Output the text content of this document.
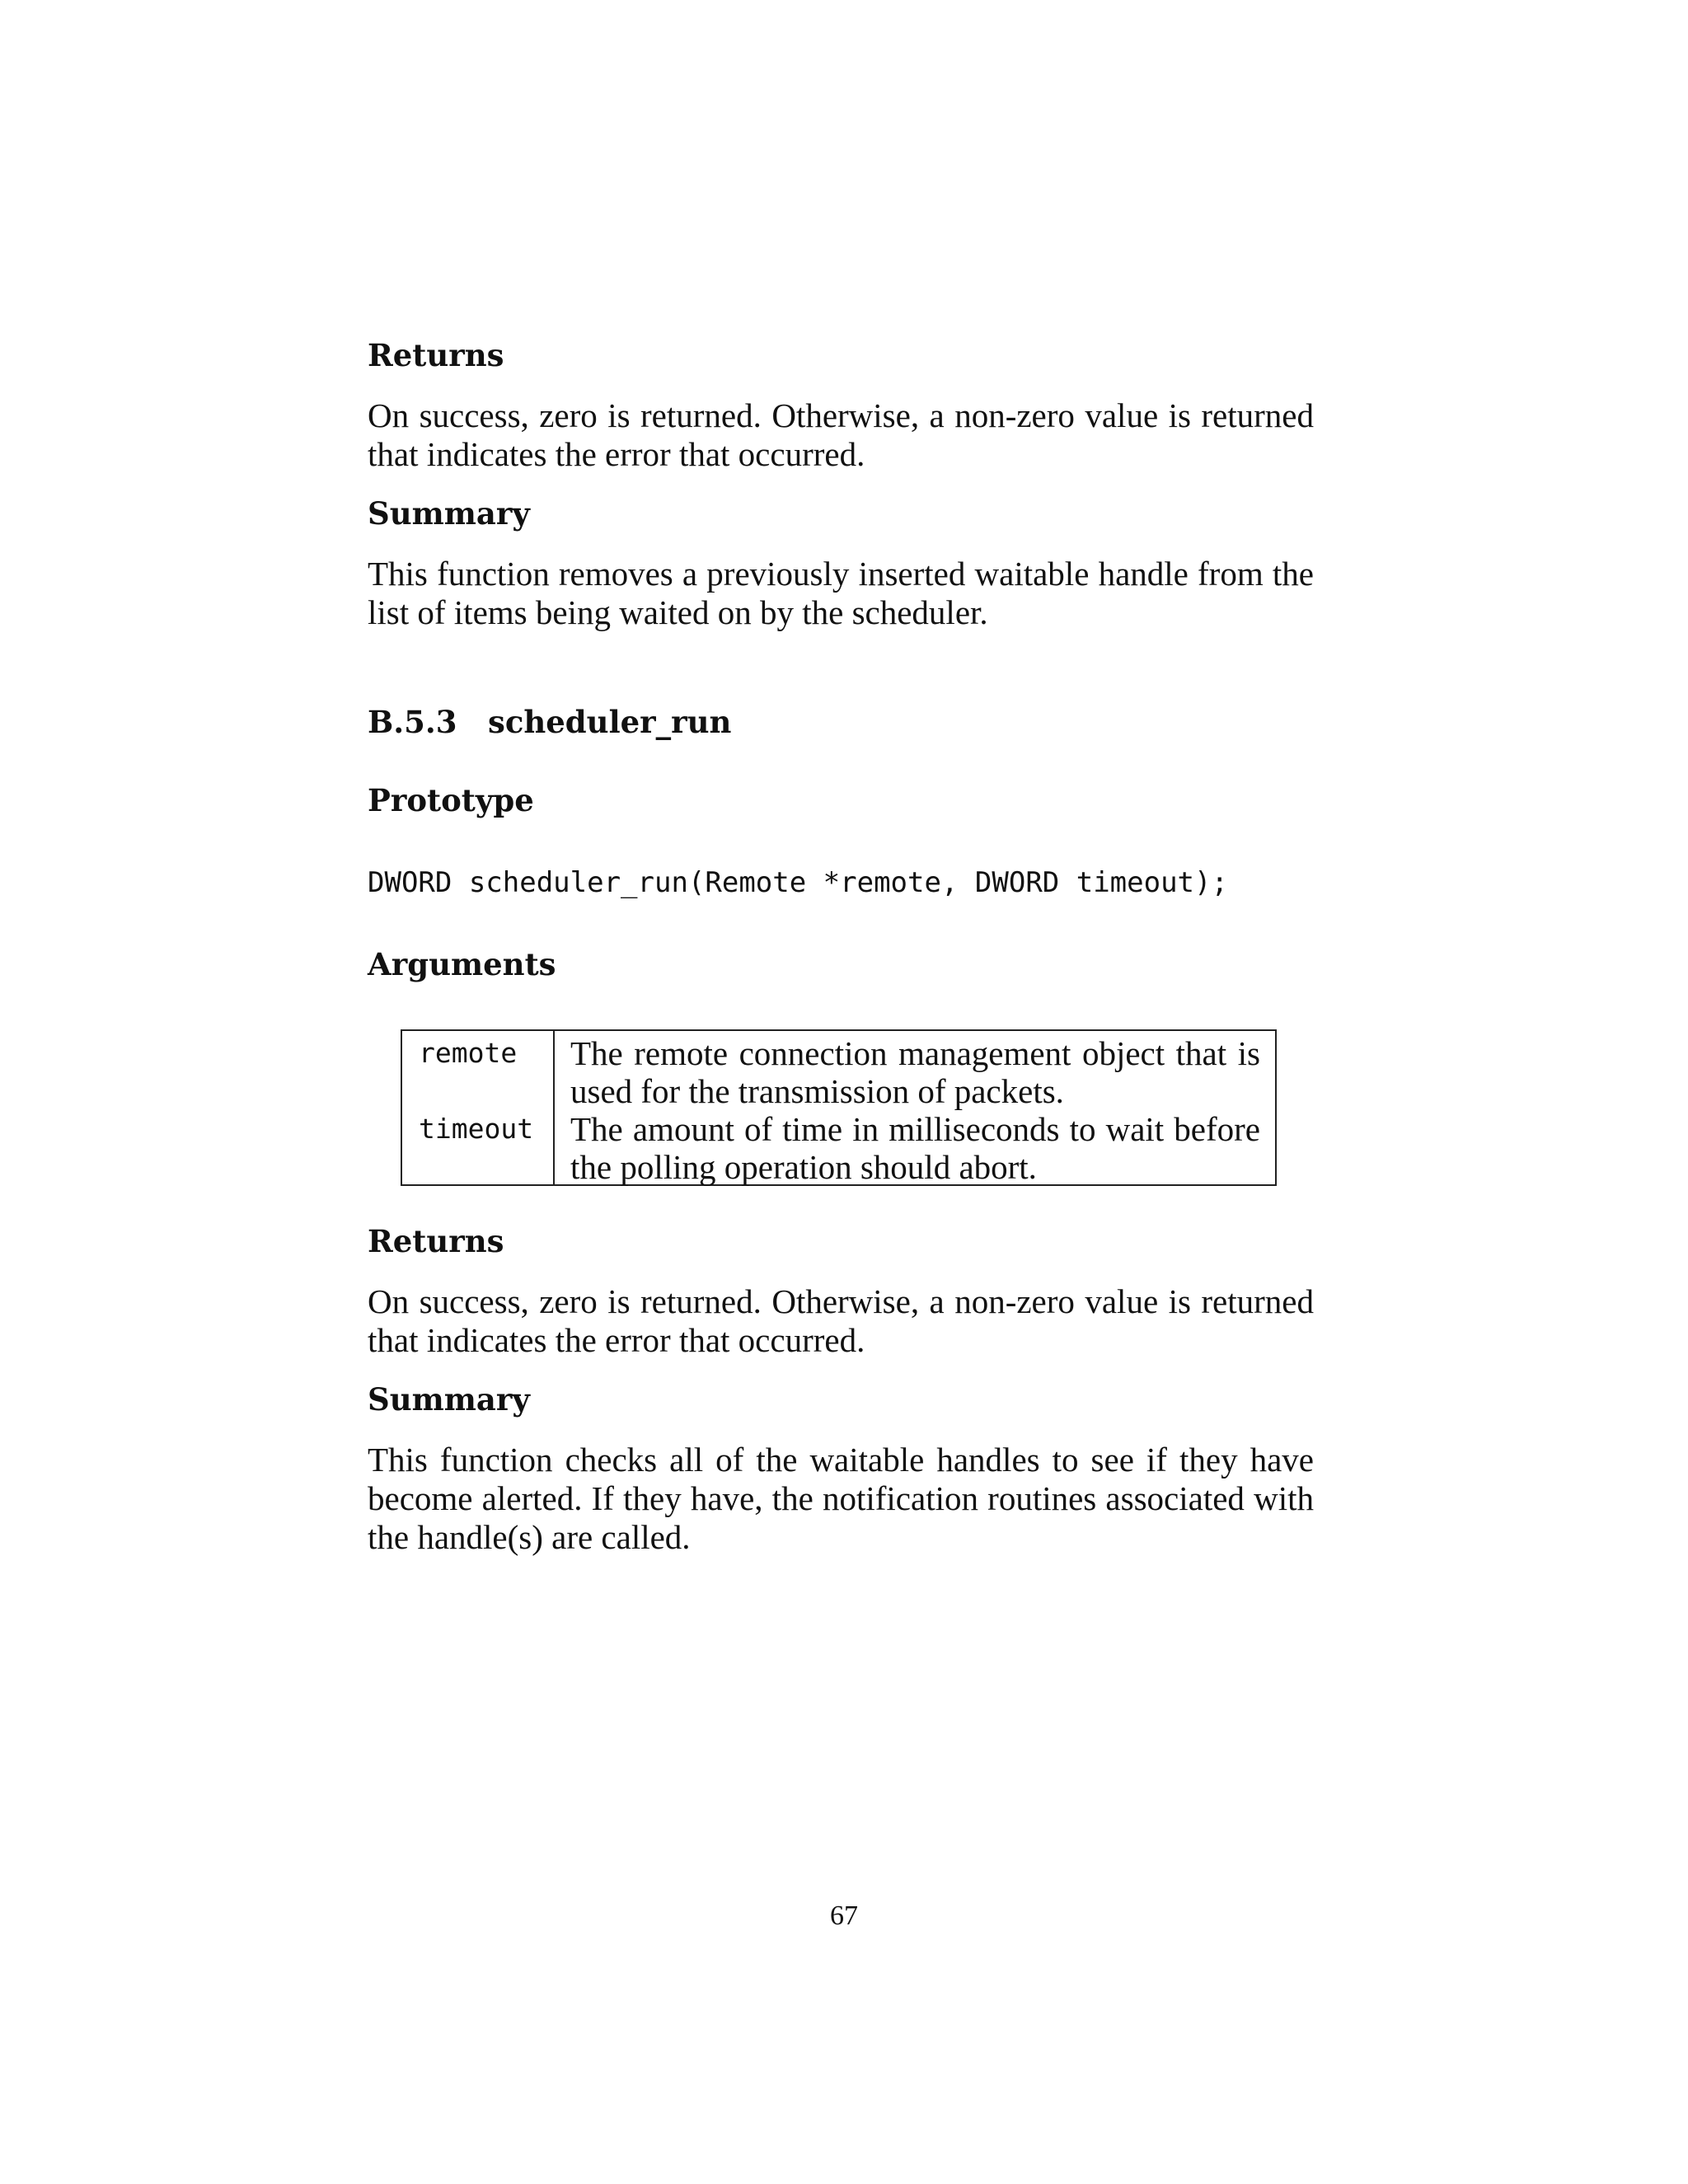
Returns

On success, zero is returned. Otherwise, a non-zero value is returned that indicates the error that occurred.

Summary

This function removes a previously inserted waitable handle from the list of items being waited on by the scheduler.

B.5.3 scheduler_run
Prototype
DWORD scheduler_run(Remote *remote, DWORD timeout);
Arguments
remote The remote connection management object that is used for the transmission of packets.
timeout The amount of time in milliseconds to wait before the polling operation should abort.
Returns

On success, zero is returned. Otherwise, a non-zero value is returned that indicates the error that occurred.

Summary

This function checks all of the waitable handles to see if they have become alerted. If they have, the notification routines associated with the handle(s) are called.

67
